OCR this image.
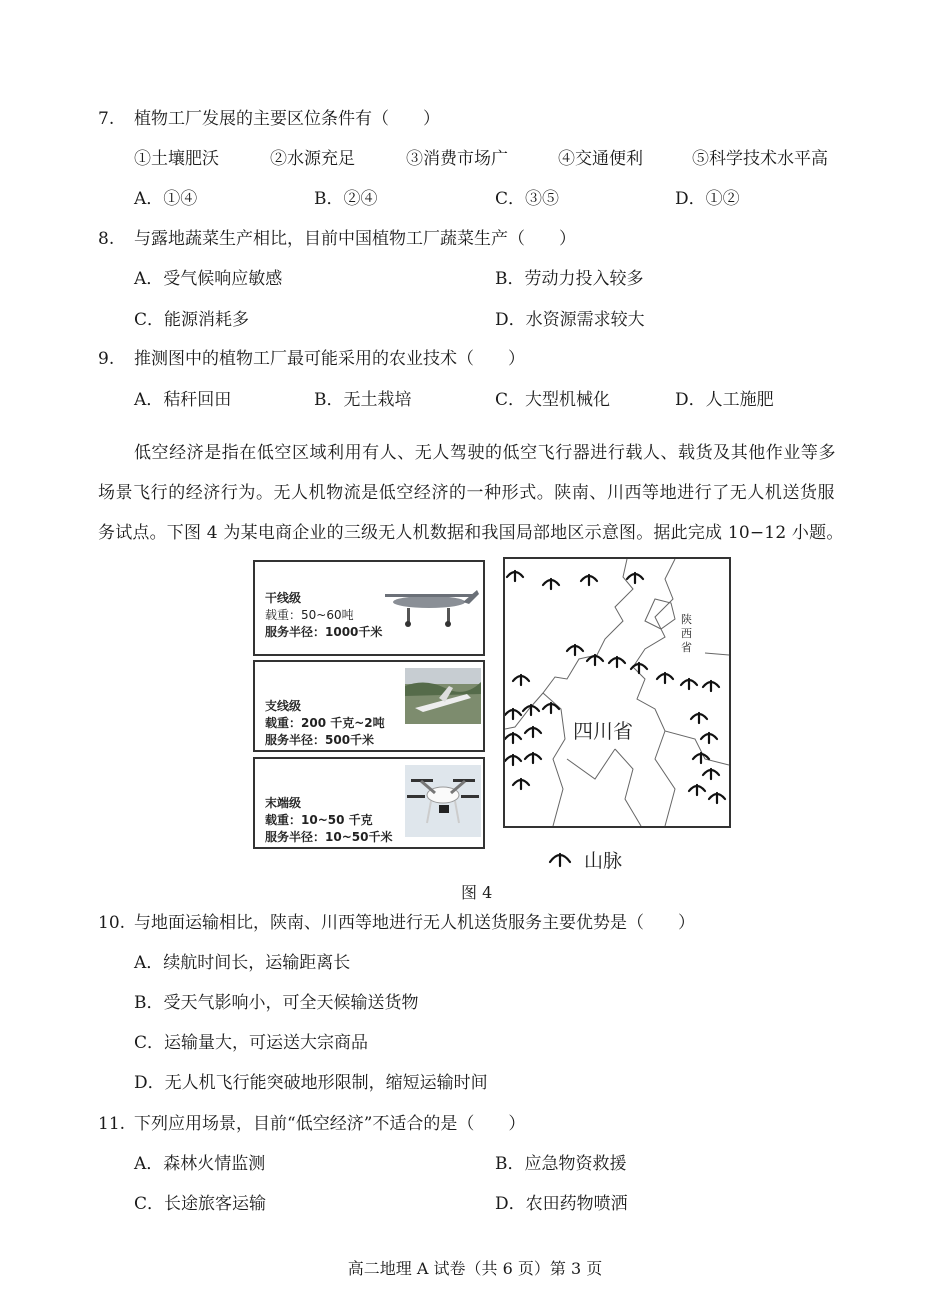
7. 植物工厂发展的主要区位条件有（　　）
①土壤肥沃	②水源充足	③消费市场广	④交通便利	⑤科学技术水平高
A．①④	B．②④	C．③⑤	D．①②
8. 与露地蔬菜生产相比，目前中国植物工厂蔬菜生产（　　）
A．受气候响应敏感	B．劳动力投入较多
C．能源消耗多	D．水资源需求较大
9. 推测图中的植物工厂最可能采用的农业技术（　　）
A．秸秆回田	B．无土栽培	C．大型机械化	D．人工施肥
低空经济是指在低空区域利用有人、无人驾驶的低空飞行器进行载人、载货及其他作业等多
场景飞行的经济行为。无人机物流是低空经济的一种形式。陕南、川西等地进行了无人机送货服
务试点。下图 4 为某电商企业的三级无人机数据和我国局部地区示意图。据此完成 10−12 小题。
干线级
载重：50~60吨
服务半径：1000千米
支线级
载重：200 千克~2吨
服务半径：500千米
末端级
载重：10~50 千克
服务半径：10~50千米
四川省
陕
西
省
山脉
图 4
10. 与地面运输相比，陕南、川西等地进行无人机送货服务主要优势是（　　）
A．续航时间长，运输距离长
B．受天气影响小，可全天候输送货物
C．运输量大，可运送大宗商品
D．无人机飞行能突破地形限制，缩短运输时间
11. 下列应用场景，目前“低空经济”不适合的是（　　）
A．森林火情监测	B．应急物资救援
C．长途旅客运输	D．农田药物喷洒
高二地理 A 试卷（共 6 页）第 3 页
